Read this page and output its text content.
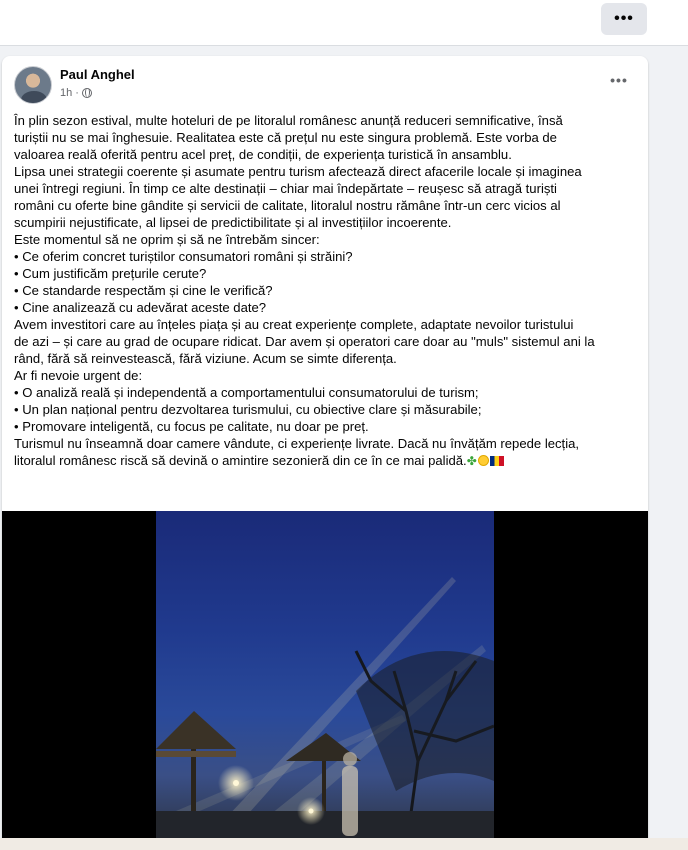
•••
Paul Anghel
1h ·
•••
În plin sezon estival, multe hoteluri de pe litoralul românesc anunță reduceri semnificative, însă
turiștii nu se mai înghesuie. Realitatea este că prețul nu este singura problemă. Este vorba de
valoarea reală oferită pentru acel preț, de condiții, de experiența turistică în ansamblu.
Lipsa unei strategii coerente și asumate pentru turism afectează direct afacerile locale și imaginea
unei întregi regiuni. În timp ce alte destinații – chiar mai îndepărtate – reușesc să atragă turiști
români cu oferte bine gândite și servicii de calitate, litoralul nostru rămâne într-un cerc vicios al
scumpirii nejustificate, al lipsei de predictibilitate și al investițiilor incoerente.
Este momentul să ne oprim și să ne întrebăm sincer:
• Ce oferim concret turiștilor consumatori români și străini?
• Cum justificăm prețurile cerute?
• Ce standarde respectăm și cine le verifică?
• Cine analizează cu adevărat aceste date?
Avem investitori care au înțeles piața și au creat experiențe complete, adaptate nevoilor turistului
de azi – și care au grad de ocupare ridicat. Dar avem și operatori care doar au "muls" sistemul ani la
rând, fără să reinvestească, fără viziune. Acum se simte diferența.
Ar fi nevoie urgent de:
• O analiză reală și independentă a comportamentului consumatorului de turism;
• Un plan național pentru dezvoltarea turismului, cu obiective clare și măsurabile;
• Promovare inteligentă, cu focus pe calitate, nu doar pe preț.
Turismul nu înseamnă doar camere vândute, ci experiențe livrate. Dacă nu învățăm repede lecția,
litoralul românesc riscă să devină o amintire sezonieră din ce în ce mai palidă.✤
